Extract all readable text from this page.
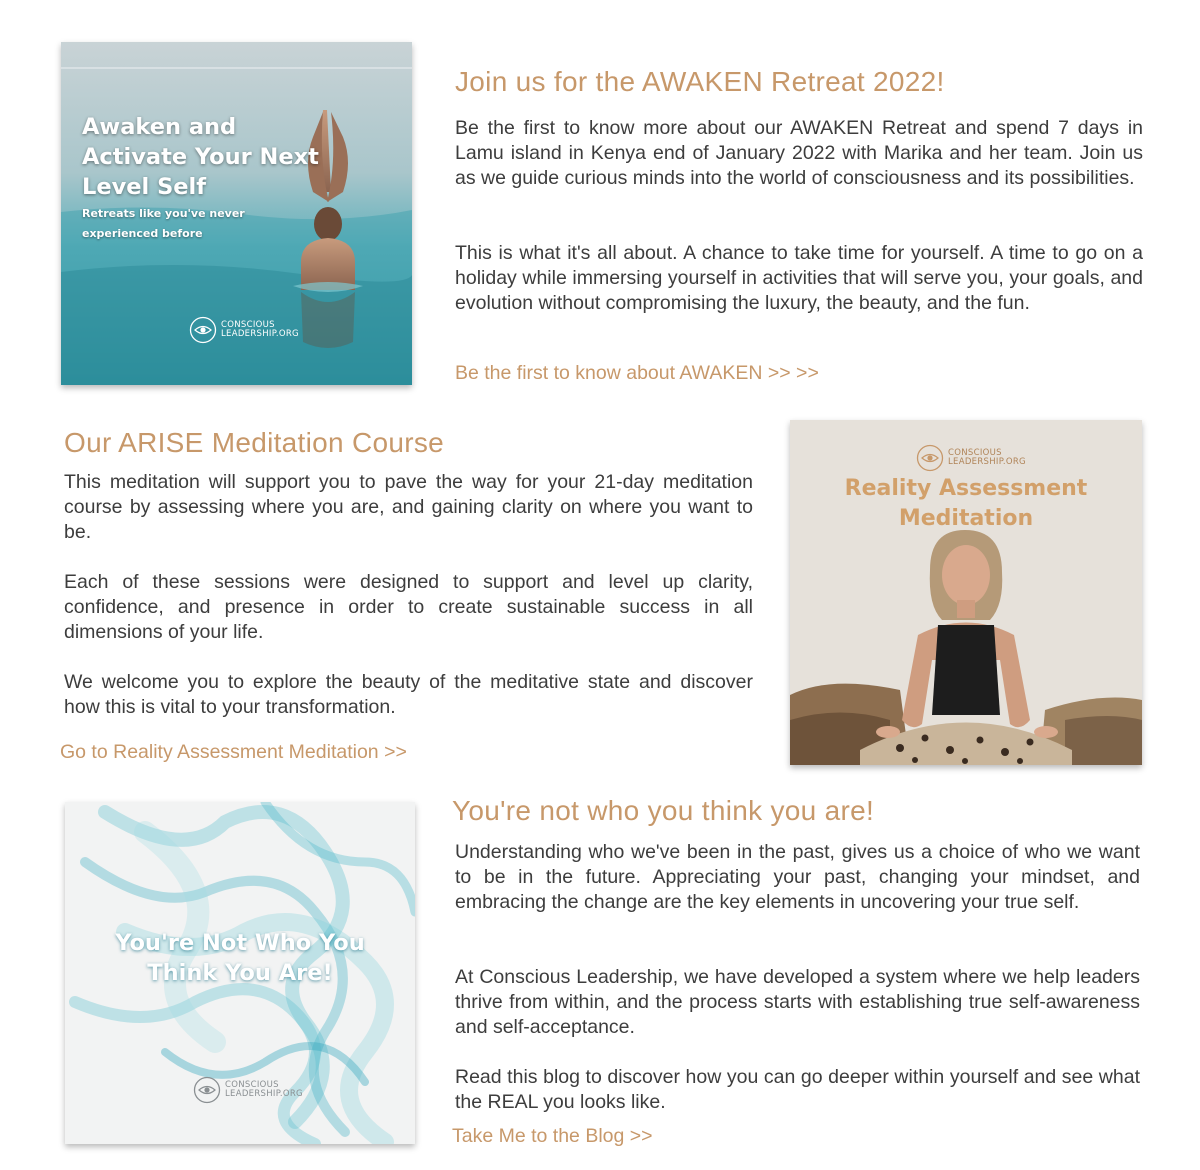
Awaken and
Activate Your Next
Level Self
Retreats like you've never
experienced before
CONSCIOUS
LEADERSHIP.ORG
Join us for the AWAKEN Retreat 2022!

Be the first to know more about our AWAKEN Retreat and spend 7 days in Lamu island in Kenya end of January 2022 with Marika and her team. Join us as we guide curious minds into the world of consciousness and its possibilities.

This is what it's all about. A chance to take time for yourself. A time to go on a holiday while immersing yourself in activities that will serve you, your goals, and evolution without compromising the luxury, the beauty, and the fun.

Be the first to know about AWAKEN >> >>
Our ARISE Meditation Course

This meditation will support you to pave the way for your 21-day meditation course by assessing where you are, and gaining clarity on where you want to be.

Each of these sessions were designed to support and level up clarity, confidence, and presence in order to create sustainable success in all dimensions of your life.

We welcome you to explore the beauty of the meditative state and discover how this is vital to your transformation.

Go to Reality Assessment Meditation >>
CONSCIOUS
LEADERSHIP.ORG
Reality Assessment
Meditation
You're Not Who You
Think You Are!
CONSCIOUS
LEADERSHIP.ORG
You're not who you think you are!

Understanding who we've been in the past, gives us a choice of who we want to be in the future. Appreciating your past, changing your mindset, and embracing the change are the key elements in uncovering your true self.

At Conscious Leadership, we have developed a system where we help leaders thrive from within, and the process starts with establishing true self-awareness and self-acceptance.

Read this blog to discover how you can go deeper within yourself and see what the REAL you looks like.

Take Me to the Blog >>
